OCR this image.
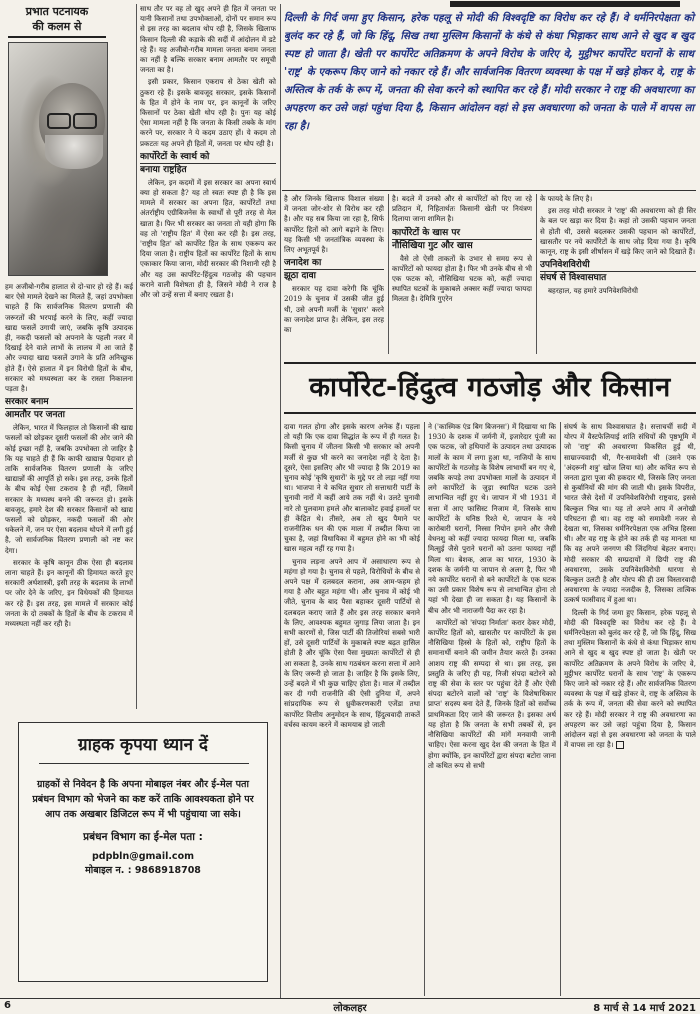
प्रभात पटनायक
की कलम से

हम अजीबो-गरीब हालात से दो-चार हो रहे हैं। कई बार ऐसे मामले देखने का मिलते हैं, जहां उपभोक्ता चाहते हैं कि सार्वजनिक वितरण प्रणाली की जरूरतों की भरपाई करने के लिए, कहीं ज्यादा खाद्य फसलें उगायी जाएं, जबकि कृषि उत्पादक ही, नकदी फसलों को अपनाने के पहली नजर में दिखाई देने वाले लाभों के लालच में आ जाते हैं और ज्यादा खाद्य फसलें उगाने के प्रति अनिच्छुक होते हैं। ऐसे हालात में इन विरोधी हितों के बीच, सरकार को मध्यस्थता कर के रास्ता निकालना पड़ता है।

सरकार बनाम
आमतौर पर जनता

लेकिन, भारत में फिलहाल तो किसानों की खाद्य फसलों को छोड़कर दूसरी फसलों की ओर जाने की कोई इच्छा नहीं है, जबकि उपभोक्ता तो जाहिर है कि यह चाहते ही हैं कि काफी खाद्यान्न पैदावार हो ताकि सार्वजनिक वितरण प्रणाली के जरिए खाद्यान्नों की आपूर्ति हो सके। इस तरह, उनके हितों के बीच कोई ऐसा टकराव है ही नहीं, जिसमें सरकार के मध्यस्थ बनने की जरूरत हो। इसके बावजूद, हमारे देश की सरकार किसानों को खाद्य फसलों को छोड़कर, नकदी फसलों की ओर धकेलने में, जन पर ऐसा बदलाव थोपने में लगी हुई है, जो सार्वजनिक वितरण प्रणाली को नष्ट कर देगा।

सरकार के कृषि कानून ठीक ऐसा ही बदलाव लाना चाहते हैं। इन कानूनों की हिमायत करते हुए सरकारी अर्थशास्त्री, इसी तरह के बदलाव के लाभों पर जोर देने के जरिए, इन विधेयकों की हिमायत कर रहे हैं। इस तरह, इस मामले में सरकार कोई जनता के दो तबकों के हितों के बीच के टकराव में मध्यस्थता नहीं कर रही है।

साथ तौर पर वह तो खुद अपने ही हित में जनता पर यानी किसानों तथा उपभोक्ताओं, दोनों पर समान रूप से इस तरह का बदलाव थोप रही है, जिसके खिलाफ किसान दिल्ली की कड़ाके की सर्दी में आंदोलन में डटे रहे हैं। यह अजीबो-गरीब मामला जनता बनाम जनता का नहीं है बल्कि सरकार बनाम आमतौर पर समूची जनता का है।

इसी प्रकार, किसान एकराय से ठेका खेती को ठुकरा रहे हैं। इसके बावजूद सरकार, इसके किसानों के हित में होने के नाम पर, इन कानूनों के जरिए किसानों पर ठेका खेती थोप रही है। पुनः यह कोई ऐसा मामला नहीं है कि जनता के किसी तबके के मांग करने पर, सरकार ने ये कदम उठाए हों। ये कदम तो प्रकटतः यह अपने ही हितों में, जनता पर थोप रही है।

कार्पोरेटों के स्वार्थ को
बनाया राष्ट्रहित

लेकिन, इन कदमों में इस सरकार का अपना स्वार्थ क्या हो सकता है? यह तो स्वतः स्पष्ट ही है कि इस मामले में सरकार का अपना हित, कार्पोरेटों तथा अंतर्राष्ट्रीय एग्रीबिजनेस के स्वार्थों से पूरी तरह से मेल खाता है। फिर भी सरकार का जनता तो यही होगा कि वह तो 'राष्ट्रीय हित' में ऐसा कर रही है। इस तरह, 'राष्ट्रीय हित' को कार्पोरेट हित के साथ एकरूप कर दिया जाता है। राष्ट्रीय हितों का कार्पोरेट हितों के साथ एकाकार किया जाना, मोदी सरकार की निशानी रही है और यह उस कार्पोरेट-हिंदुत्व गठजोड़ की पहचान कराने वाली विशेषता ही है, जिसने मोदी ने राज है और जो उन्हें सत्ता में बनाए रखता है।

दिल्ली के गिर्द जमा हुए किसान, हरेक पहलू से मोदी की विश्वदृष्टि का विरोध कर रहे हैं। वे धर्मनिरपेक्षता को बुलंद कर रहे हैं, जो कि हिंदू, सिख तथा मुस्लिम किसानों के कंधे से कंधा भिड़ाकर साथ आने से खुद ब खुद स्पष्ट हो जाता है। खेती पर कार्पोरेट अतिक्रमण के अपने विरोध के जरिए वे, मुट्ठीभर कार्पोरेट घरानों के साथ 'राष्ट्र' के एकरूप किए जाने को नकार रहे हैं। और सार्वजनिक वितरण व्यवस्था के पक्ष में खड़े होकर वे, राष्ट्र के अस्तित्व के तर्क के रूप में, जनता की सेवा करने को स्थापित कर रहे हैं। मोदी सरकार ने राष्ट्र की अवधारणा का अपहरण कर उसे जहां पहुंचा दिया है, किसान आंदोलन वहां से इस अवधारणा को जनता के पाले में वापस ला रहा है।

है और जिनके खिलाफ विशाल संख्या में जनता जोर-शोर से विरोध कर रही है। और यह सब किया जा रहा है, सिर्फ कार्पोरेट हितों को आगे बढ़ाने के लिए। यह किसी भी जनतांत्रिक व्यवस्था के लिए अभूतपूर्व है।

जनादेश का
झूठा दावा

सरकार यह दावा करेगी कि चूंकि 2019 के चुनाव में उसकी जीत हुई थी, उसे अपनी मर्जी के 'सुधार' करने का जनादेश प्राप्त है। लेकिन, इस तरह का

है। बदले में उनको और से कार्पोरेटों को दिए जा रहे प्रतिदान में, निहितार्थतः किसानी खेती पर नियंत्रण दिलाया जाना शामिल है।

कार्पोरेटों के खास पर
नौसिखिया गुट और खास

वैसे तो ऐसी ताकतों के उभार से समग्र रूप से कार्पोरेटों को फायदा होता है। फिर भी उनके बीच से भी एक फटक को, नौसिखिया घटक को, कहीं ज्यादा स्थापित घटकों के मुकाबले अक्सर कहीं ज्यादा फायदा मिलता है। देमित्रि गुएरेन

के फायदे के लिए है।

इस तरह मोदी सरकार ने 'राष्ट्र' की अवधारणा को ही सिर के बल पर खड़ा कर दिया है। कहां तो उसकी पहचान जनता से होती थी, उससे बदलकर उसकी पहचान को कार्पोरेटों, खासतौर पर नये कार्पोरेटों के साथ जोड़ दिया गया है। कृषि कानून, राष्ट्र के इसी शीर्षासन में खड़े किए जाने को दिखाते हैं।

उपनिवेशविरोधी
संघर्ष से विश्वासघात

बहरहाल, यह हमारे उपनिवेशविरोधी

कार्पोरेट-हिंदुत्व गठजोड़ और किसान

दावा गलत होगा और इसके कारण अनेक हैं। पहला तो यही कि एक दावा सिद्धांत के रूप में ही गलत है। किसी चुनाव में जीतना किसी भी सरकार को अपनी मर्जी से कुछ भी करने का जनादेश नहीं दे देता है। दूसरे, ऐसा इसलिए और भी ज्यादा है कि 2019 का चुनाव कोई 'कृषि सुधारों' के मुद्दे पर तो लड़ा नहीं गया था। भाजपा ने ये कथित सुधार तो सत्ताधारी पार्टी के चुनावी नारों में कहीं आये तक नहीं थे। उलटे चुनावी नारे तो पुलवामा हमले और बालाकोट हवाई हमलों पर ही केंद्रित थे। तीसरे, अब तो खुद पैमाने पर राजनीतिक धन की एक माला में तब्दील किया जा चुका है, जहां विधायिका में बहुमत होने का भी कोई खास महत्व नहीं रह गया है।

चुनाव लड़ना अपने आप में असाधारण रूप से महंगा हो गया है। चुनाव से पहले, विरोधियों के बीच से अपने पक्ष में दलबदल कराना, अब आम-फहम हो गया है और बहुत महंगा भी। और चुनाव में कोई भी जीते, चुनाव के बाद पैसा बहाकर दूसरी पार्टियों से दलबदल कराए जाते हैं और इस तरह सरकार बनाने के लिए, आवश्यक बहुमत जुगाड़ लिया जाता है। इन सभी कारणों से, जिस पार्टी की तिजोरियां सबसे भारी हों, उसे दूसरी पार्टियों के मुकाबले स्पष्ट बढ़त हासिल होती है और चूंकि ऐसा पैसा मुख्यतः कार्पोरेटों से ही आ सकता है, उनके साथ गठबंधन करना सत्ता में आने के लिए जरूरी हो जाता है। जाहिर है कि इसके लिए, उन्हें बदले में भी कुछ चाहिए होता है। माल में तब्दील कर दी गयी राजनीति की ऐसी दुनिया में, अपने सांप्रदायिक रूप से ध्रुवीकरणकारी एजेंडा तथा कार्पोरेट वित्तीय अनुमोदन के साथ, हिंदुत्ववादी ताकतें वर्चस्व कायम करने में कामयाब हो जाती

ने ('कास्मिक एंड बिग बिजनस') में दिखाया था कि 1930 के दशक में जर्मनी में, इजारेदार पूंजी का एक फटक, जो हथियारों के उत्पादन तथा उत्पादक मालों के काम में लगा हुआ था, नाजियों के साथ कार्पोरेटों के गठजोड़ के विशेष लाभार्थी बन गए थे, जबकि कपड़े तथा उपभोक्ता मालों के उत्पादन में लगे कार्पोरेटों के जुड़ा स्थापित घटक उतने लाभान्वित नहीं हुए थे। जापान में भी 1931 में सत्ता में आए फासिस्ट निजाम में, जिसके साथ कार्पोरेटों के घनिष्ठ रिश्ते थे, जापान के नये कारोबारी घरानों, निस्सा निपोन हमने और जैसी वेधनशु को कहीं ज्यादा फायदा मिला था, जबकि मित्सुई जैसे पुराने घरानों को उतना फायदा नहीं मिला था। बेशक, आज का भारत, 1930 के दशक के जर्मनी या जापान से अलग है, फिर भी नये कार्पोरेट घरानों से बने कार्पोरेटों के एक घटक का उसी प्रकार विशेष रूप से लाभान्वित होना तो यहां भी देखा ही जा सकता है। यह किसानों के बीच और भी नाराजगी पैदा कर रहा है।

कार्पोरेटों को 'संपदा निर्माता' करार देकर मोदी, कार्पोरेट हितों को, खासतौर पर कार्पोरेटों के इस नौसिखिया हिस्से के हितों को, राष्ट्रीय हितों के समानार्थी बनाने की जमीन तैयार करते हैं। उनका आशय राष्ट्र की सम्पदा से था। इस तरह, इस प्रस्तुति के जरिए ही यह, निजी संपदा बटोरने को राष्ट्र की सेवा के स्तर पर पहुंचा देते हैं और ऐसी संपदा बटोरने वालों को 'राष्ट्र' के विशेषाधिकार प्राप्त' सदस्य बना देते हैं, जिनके हितों को सर्वोच्च प्राथमिकता दिए जाने की जरूरत है। इसका अर्थ यह होता है कि जनता के सभी तबकों से, इन नौसिखिया कार्पोरेटों की मांगें मनवायी जानी चाहिए। ऐसा करना खुद देश की जनता के हित में होगा क्योंकि, इन कार्पोरेटों द्वारा संपदा बटोरा जाना तो कथित रूप से सभी

संघर्ष के साथ विश्वासघात है। सत्ताचर्ची सदी में योरप में वैस्टफेलियाई शांति संधियों की पृष्ठभूमि में जो 'राष्ट्र' की अवधारणा विकसित हुई थी, साम्राज्यवादी थी, गैर-समावेशी थी (उसने एक 'अंदरूनी शत्रु' खोज लिया था) और कथित रूप से जनता द्वारा पूजा की हकदार थी, जिसके लिए जनता से कुर्बानियों की मांग की जाती थी। इसके विपरीत, भारत जैसे देशों में उपनिवेशविरोधी राष्ट्रवाद, इससे बिल्कुल भिन्न था। यह तो अपने आप में अनोखी परिघटना ही था। वह राष्ट्र को समावेशी नजर से देखता था, जिसका धर्मनिरपेक्षता एक अभिन्न हिस्सा थी। और वह राष्ट्र के होने का तर्क ही यह मानता था कि वह अपने जनगण की जिंदगियां बेहतर बनाए। मोदी सरकार की सम्प्रदायों में छिपी राष्ट्र की अवधारणा, उसके उपनिवेशविरोधी धारणा से बिल्कुल उलटी है और योरप की ही उस विस्तारवादी अवधारणा के ज्यादा नजदीक है, जिसका तात्विक उत्कर्ष फासीवाद में हुआ था।

दिल्ली के गिर्द जमा हुए किसान, हरेक पहलू से मोदी की विश्वदृष्टि का विरोध कर रहे हैं। वे धर्मनिरपेक्षता को बुलंद कर रहे हैं, जो कि हिंदू, सिख तथा मुस्लिम किसानों के कंधे से कंधा भिड़ाकर साथ आने से खुद ब खुद स्पष्ट हो जाता है। खेती पर कार्पोरेट अतिक्रमण के अपने विरोध के जरिए वे, मुट्ठीभर कार्पोरेट घरानों के साथ 'राष्ट्र' के एकरूप किए जाने को नकार रहे हैं। और सार्वजनिक वितरण व्यवस्था के पक्ष में खड़े होकर वे, राष्ट्र के अस्तित्व के तर्क के रूप में, जनता की सेवा करने को स्थापित कर रहे हैं। मोदी सरकार ने राष्ट्र की अवधारणा का अपहरण कर उसे जहां पहुंचा दिया है, किसान आंदोलन वहां से इस अवधारणा को जनता के पाले में वापस ला रहा है।

ग्राहक कृपया ध्यान दें
ग्राहकों से निवेदन है कि अपना मोबाइल नंबर और ई-मेल पता प्रबंधन विभाग को भेजने का कष्ट करें ताकि आवश्यकता होने पर आप तक अखबार डिजिटल रूप में भी पहुंचाया जा सके।
प्रबंधन विभाग का ई-मेल पता :
pdpbln@gmail.com
मोबाइल न. : 9868918708
6	लोकलहर	8 मार्च से 14 मार्च 2021
